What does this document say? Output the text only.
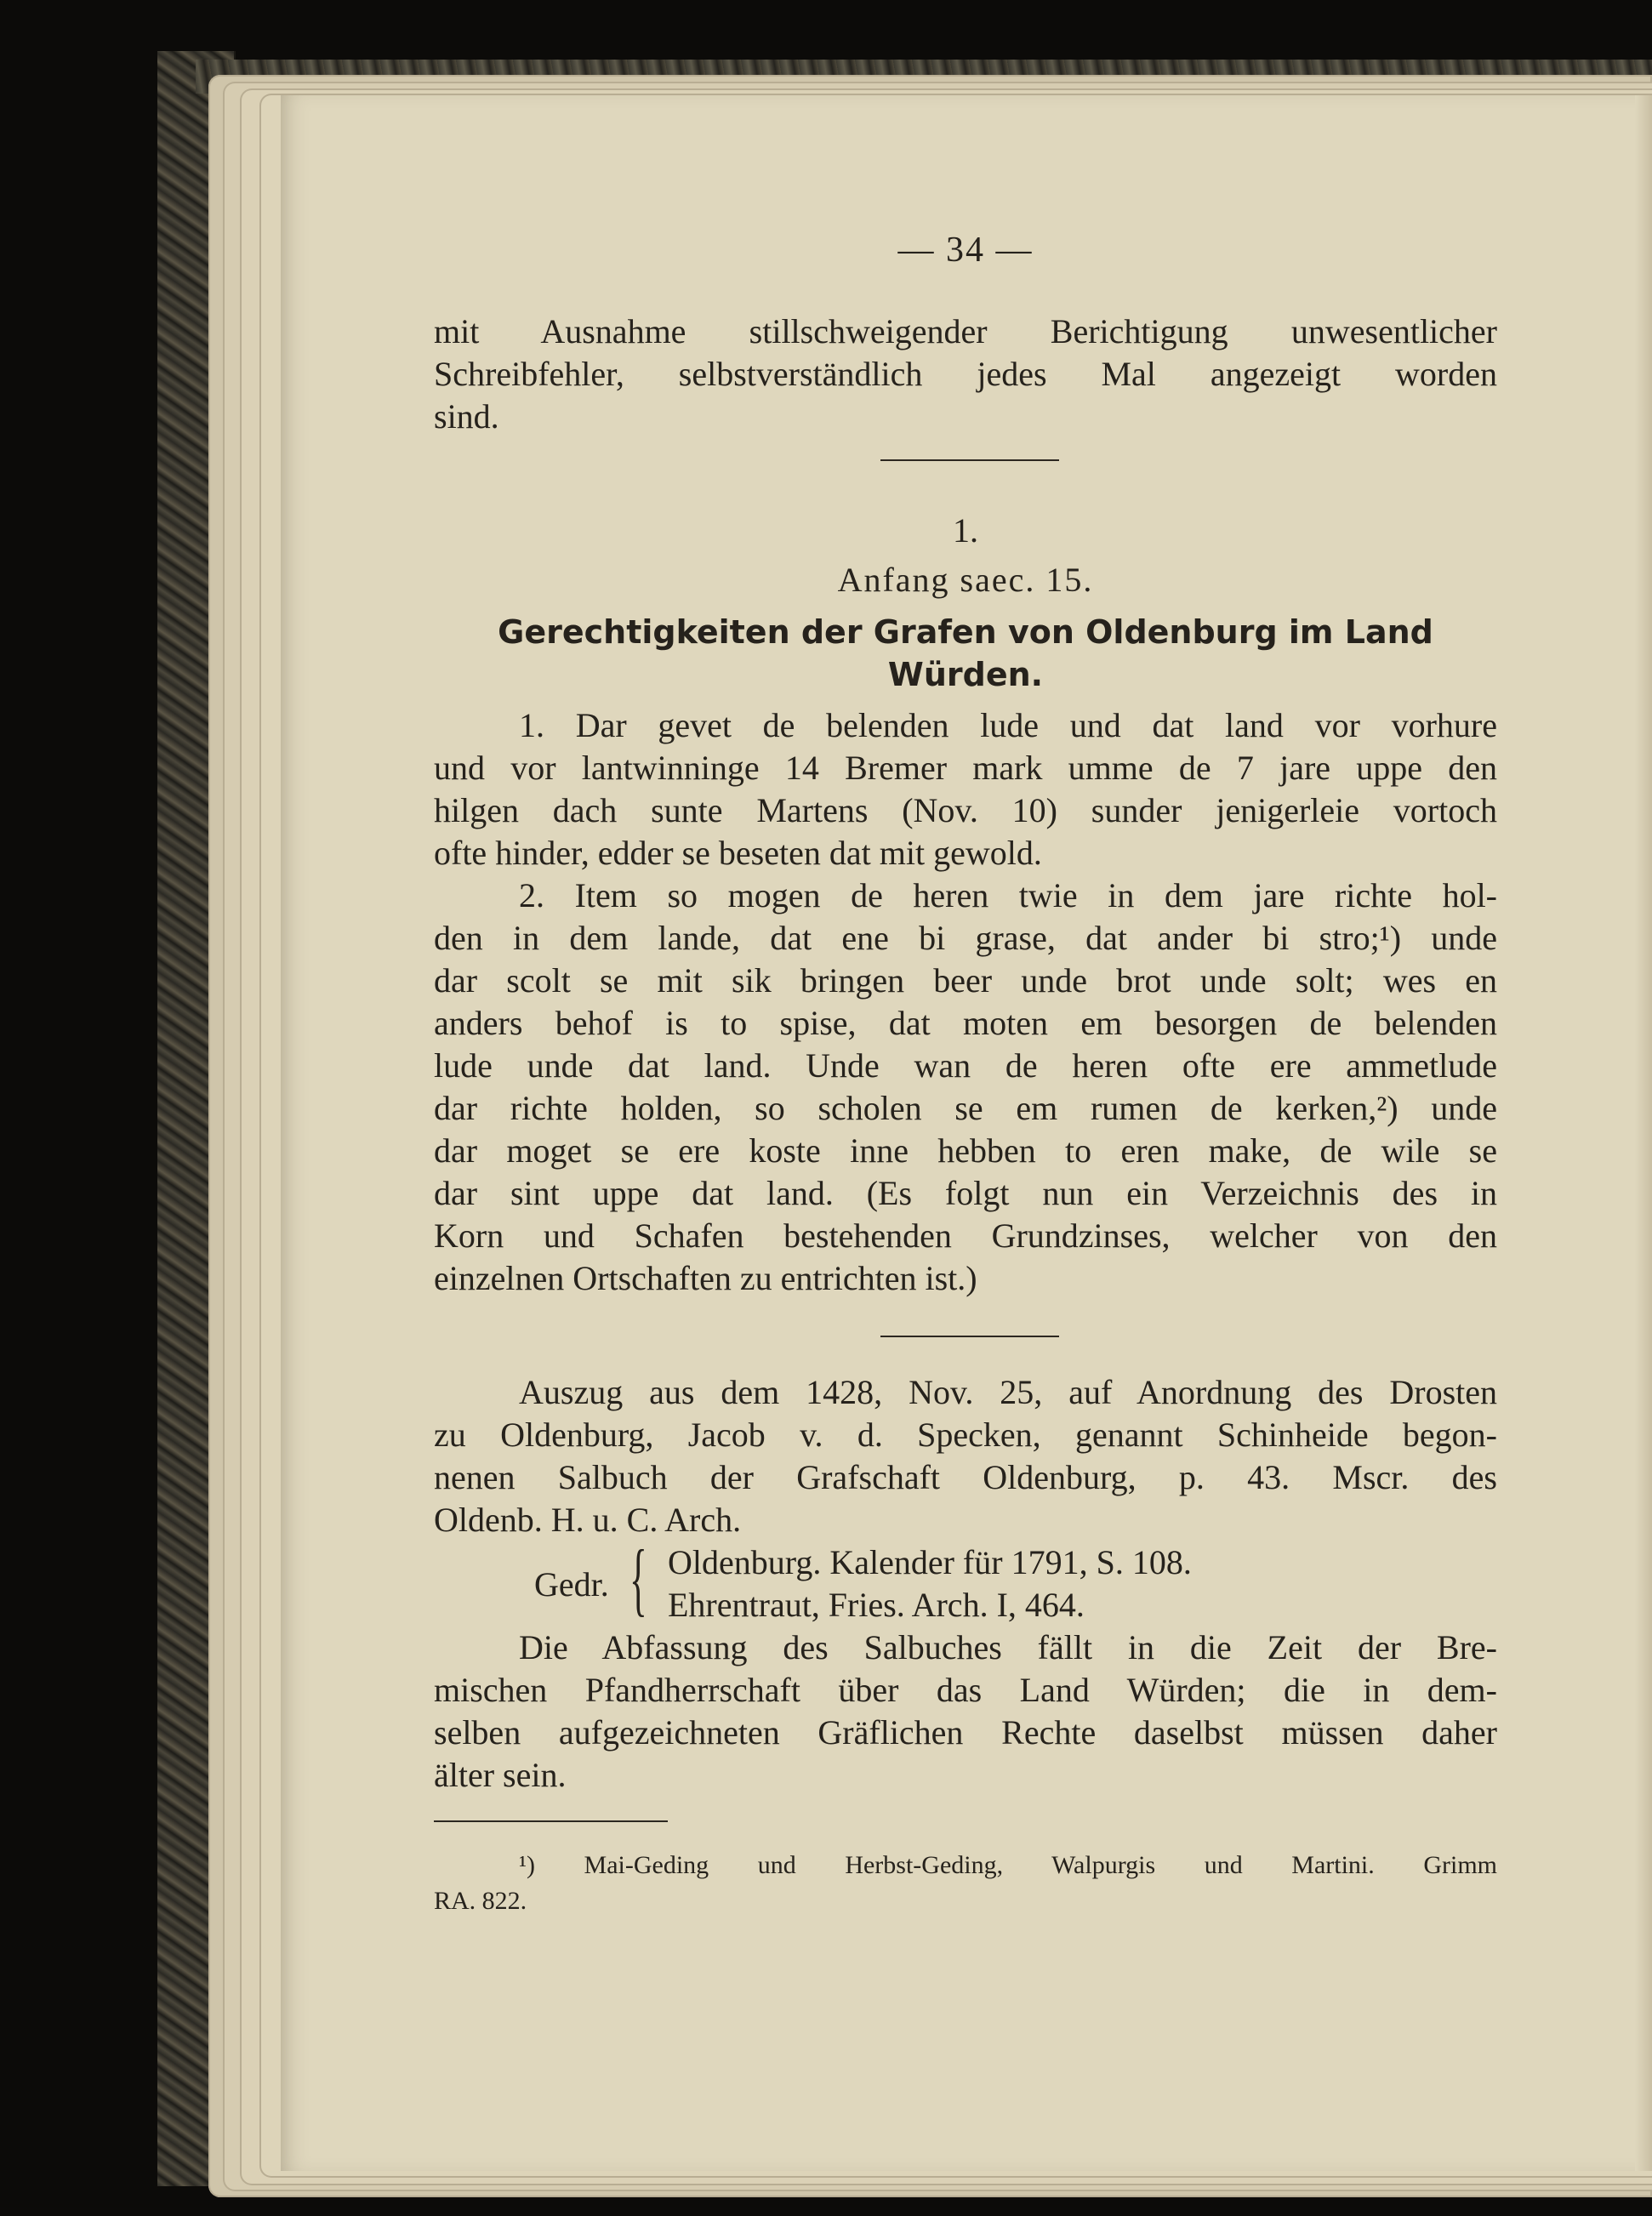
— 34 —
mit Ausnahme stillschweigender Berichtigung unwesentlicher
Schreibfehler, selbstverständlich jedes Mal angezeigt worden
sind.
1.
Anfang saec. 15.
Gerechtigkeiten der Grafen von Oldenburg im Land
Würden.
1. Dar gevet de belenden lude und dat land vor vorhure
und vor lantwinninge 14 Bremer mark umme de 7 jare uppe den
hilgen dach sunte Martens (Nov. 10) sunder jenigerleie vortoch
ofte hinder, edder se beseten dat mit gewold.
2. Item so mogen de heren twie in dem jare richte hol-
den in dem lande, dat ene bi grase, dat ander bi stro;¹) unde
dar scolt se mit sik bringen beer unde brot unde solt; wes en
anders behof is to spise, dat moten em besorgen de belenden
lude unde dat land. Unde wan de heren ofte ere ammetlude
dar richte holden, so scholen se em rumen de kerken,²) unde
dar moget se ere koste inne hebben to eren make, de wile se
dar sint uppe dat land. (Es folgt nun ein Verzeichnis des in
Korn und Schafen bestehenden Grundzinses, welcher von den
einzelnen Ortschaften zu entrichten ist.)
Auszug aus dem 1428, Nov. 25, auf Anordnung des Drosten
zu Oldenburg, Jacob v. d. Specken, genannt Schinheide begon-
nenen Salbuch der Grafschaft Oldenburg, p. 43. Mscr. des
Oldenb. H. u. C. Arch.
Gedr. { Oldenburg. Kalender für 1791, S. 108.
Ehrentraut, Fries. Arch. I, 464.
Die Abfassung des Salbuches fällt in die Zeit der Bre-
mischen Pfandherrschaft über das Land Würden; die in dem-
selben aufgezeichneten Gräflichen Rechte daselbst müssen daher
älter sein.
¹) Mai-Geding und Herbst-Geding, Walpurgis und Martini. Grimm
RA. 822.
